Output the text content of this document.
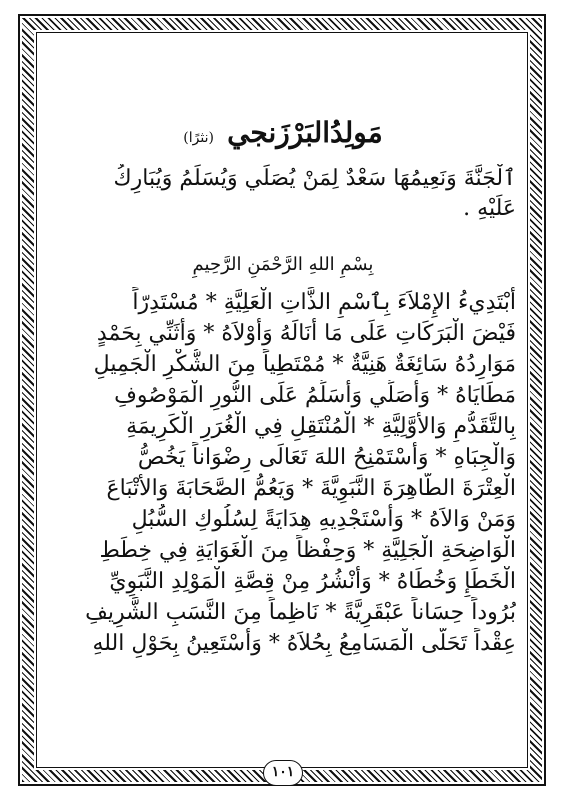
مَولِدُالبَرْزَنجي (نثرًا)
ٱلْجَنَّةَ وَنَعِيمُهَا سَعْدٌ لِمَنْ يُصَلِّي وَيُسَلِّمُ وَيُبَارِكُ
عَلَيْهِ .
بِسْمِ اللهِ الرَّحْمَنِ الرَّحِيمِ
أَبْتَدِيءُ الإِمْلاَءَ بِٱسْمِ الذَّاتِ الْعَلِيَّةِ * مُسْتَدِرّاً
فَيْضَ الْبَرَكَاتِ عَلَى مَا أَنَالَهُ وَأَوْلاَهُ * وَأُثَنِّي بِحَمْدٍ
مَوَارِدُهُ سَائِغَةٌ هَنِيَّةٌ * مُمْتَطِياً مِنَ الشُّكْرِ الْجَمِيلِ
مَطَايَاهُ * وَأُصَلِّي وَأُسَلِّمُ عَلَى النُّورِ الْمَوْصُوفِ
بِالتَّقَدُّمِ وَالأَوَّلِيَّةِ * الْمُنْتَقِلِ فِي الْغُرَرِ الْكَرِيمَةِ
وَالْجِبَاهِ * وَأَسْتَمْنِحُ اللهَ تَعَالَى رِضْوَاناً يَخُصُّ
الْعِتْرَةَ الطَّاهِرَةَ النَّبَوِيَّةَ * وَيَعُمُّ الصَّحَابَةَ وَالأَتْبَاعَ
وَمَنْ وَالاَهُ * وَأَسْتَجْدِيهِ هِدَايَةً لِسُلُوكِ السُّبُلِ
الْوَاضِحَةِ الْجَلِيَّةِ * وَحِفْظاً مِنَ الْغَوَايَةِ فِي خِطَطِ
الْخَطَإِ وَخُطَاهُ * وَأَنْشُرُ مِنْ قِصَّةِ الْمَوْلِدِ النَّبَوِيِّ
بُرُوداً حِسَاناً عَبْقَرِيَّةً * نَاظِماً مِنَ النَّسَبِ الشَّرِيفِ
عِقْداً تَحَلَّى الْمَسَامِعُ بِحُلاَهُ * وَأَسْتَعِينُ بِحَوْلِ اللهِ
١٠١
